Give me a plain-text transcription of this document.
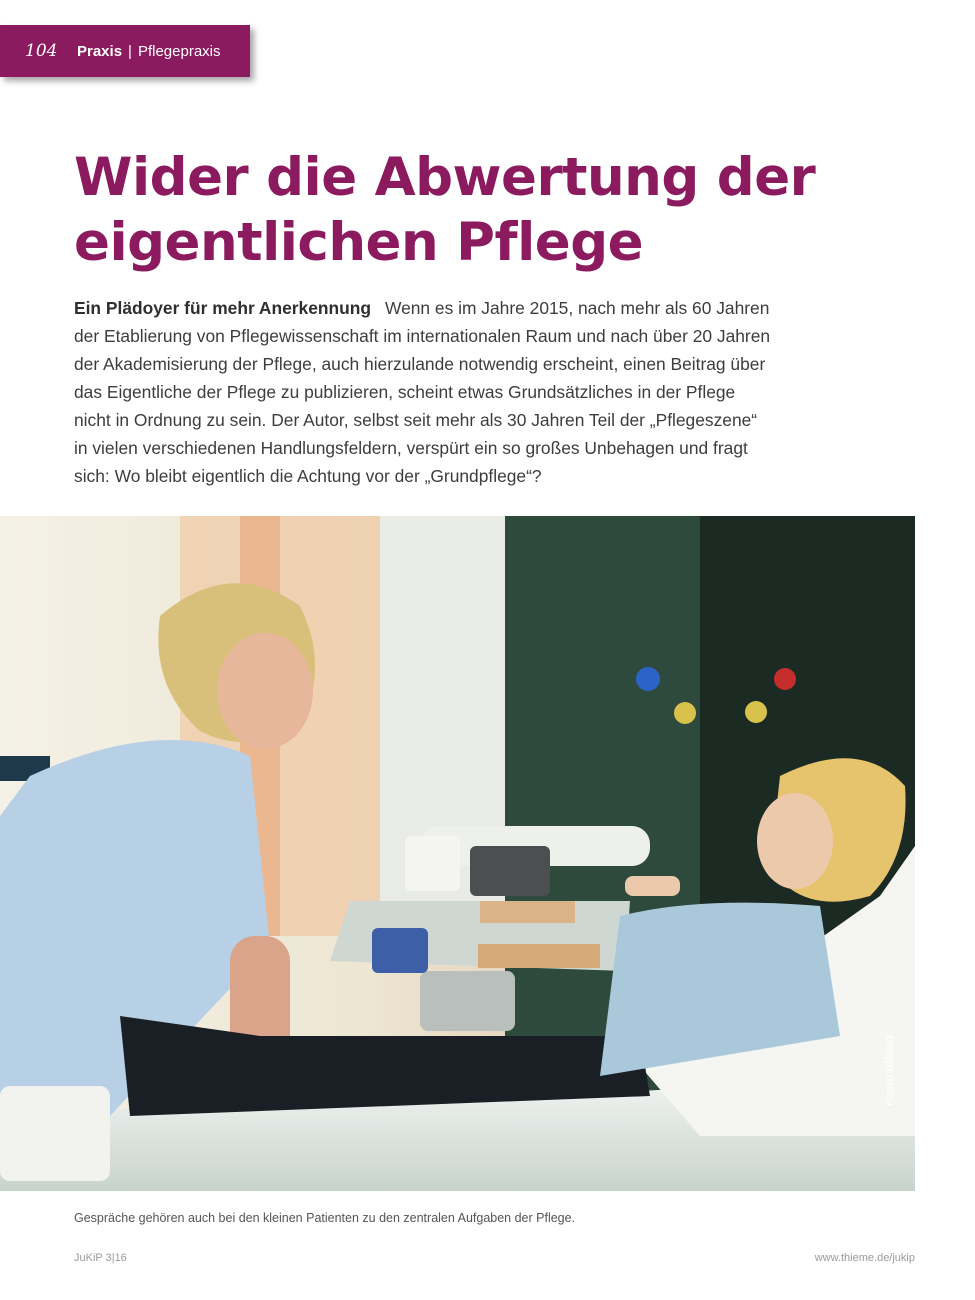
104	Praxis | Pflegepraxis
Wider die Abwertung der
eigentlichen Pflege

Ein Plädoyer für mehr Anerkennung Wenn es im Jahre 2015, nach mehr als 60 Jahren der Etablierung von Pflegewissenschaft im internationalen Raum und nach über 20 Jahren der Akademisierung der Pflege, auch hierzulande notwendig erscheint, einen Beitrag über das Eigentliche der Pflege zu publizieren, scheint etwas Grundsätzliches in der Pflege nicht in Ordnung zu sein. Der Autor, selbst seit mehr als 30 Jahren Teil der „Pflegeszene“ in vielen verschiedenen Handlungsfeldern, verspürt ein so großes Unbehagen und fragt sich: Wo bleibt eigentlich die Achtung vor der „Grundpflege“?

Paavo Blåfield
Gespräche gehören auch bei den kleinen Patienten zu den zentralen Aufgaben der Pflege.
JuKiP 3|16	www.thieme.de/jukip
